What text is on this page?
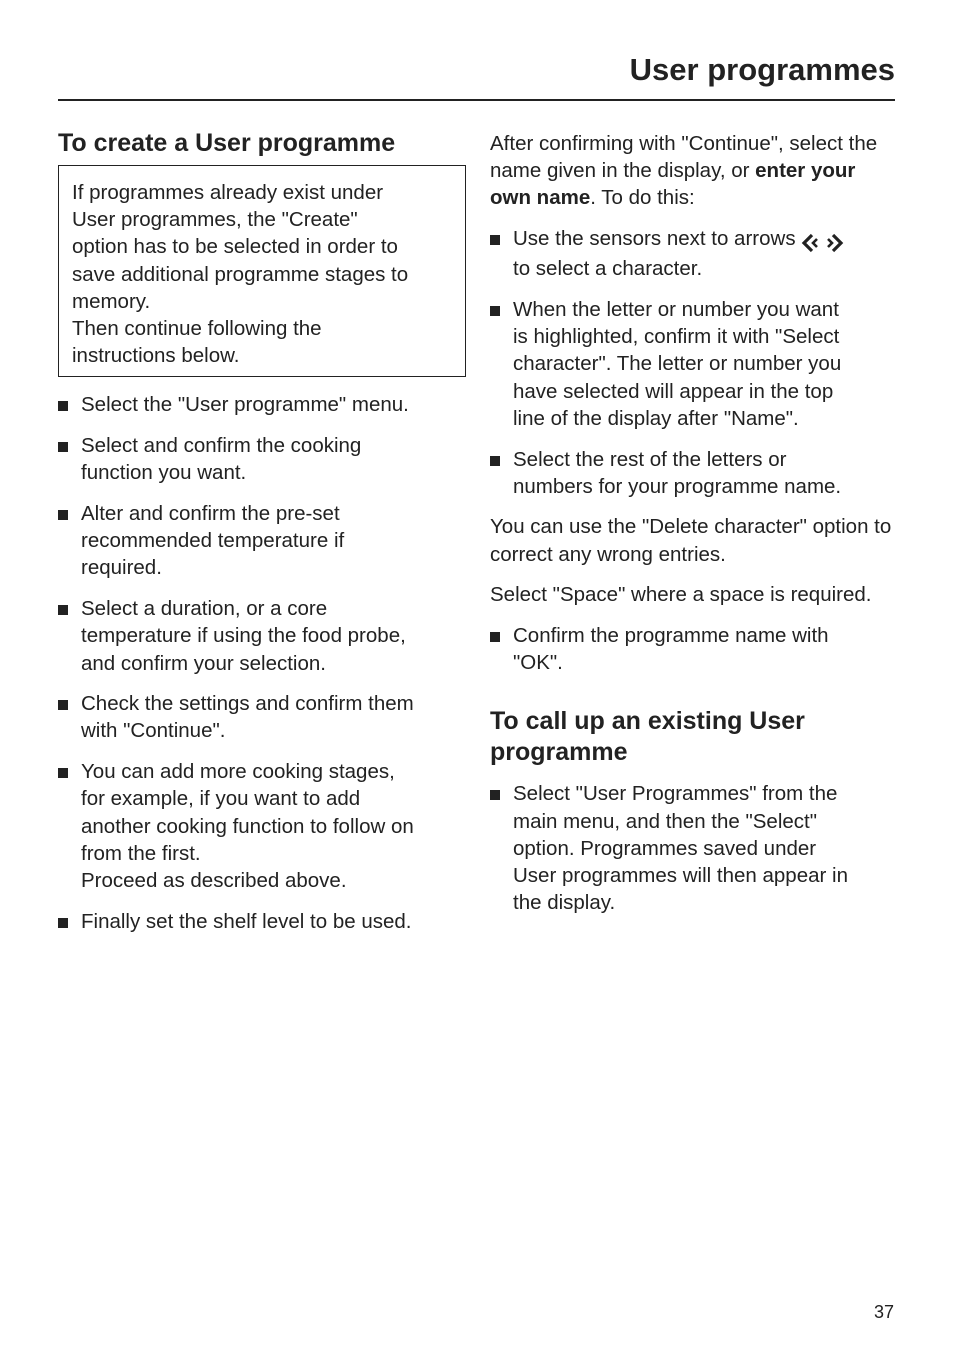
User programmes
To create a User programme

If programmes already exist under
User programmes, the "Create"
option has to be selected in order to
save additional programme stages to
memory.
Then continue following the
instructions below.

Select the "User programme" menu.
Select and confirm the cooking
function you want.
Alter and confirm the pre-set
recommended temperature if
required.
Select a duration, or a core
temperature if using the food probe,
and confirm your selection.
Check the settings and confirm them
with "Continue".
You can add more cooking stages,
for example, if you want to add
another cooking function to follow on
from the first.
Proceed as described above.
Finally set the shelf level to be used.

After confirming with "Continue", select the name given in the display, or enter your own name. To do this:

Use the sensors next to arrows
to select a character.
When the letter or number you want
is highlighted, confirm it with "Select
character". The letter or number you
have selected will appear in the top
line of the display after "Name".
Select the rest of the letters or
numbers for your programme name.

You can use the "Delete character" option to correct any wrong entries.

Select "Space" where a space is required.

Confirm the programme name with
"OK".
To call up an existing User programme
Select "User Programmes" from the
main menu, and then the "Select"
option. Programmes saved under
User programmes will then appear in
the display.
37
